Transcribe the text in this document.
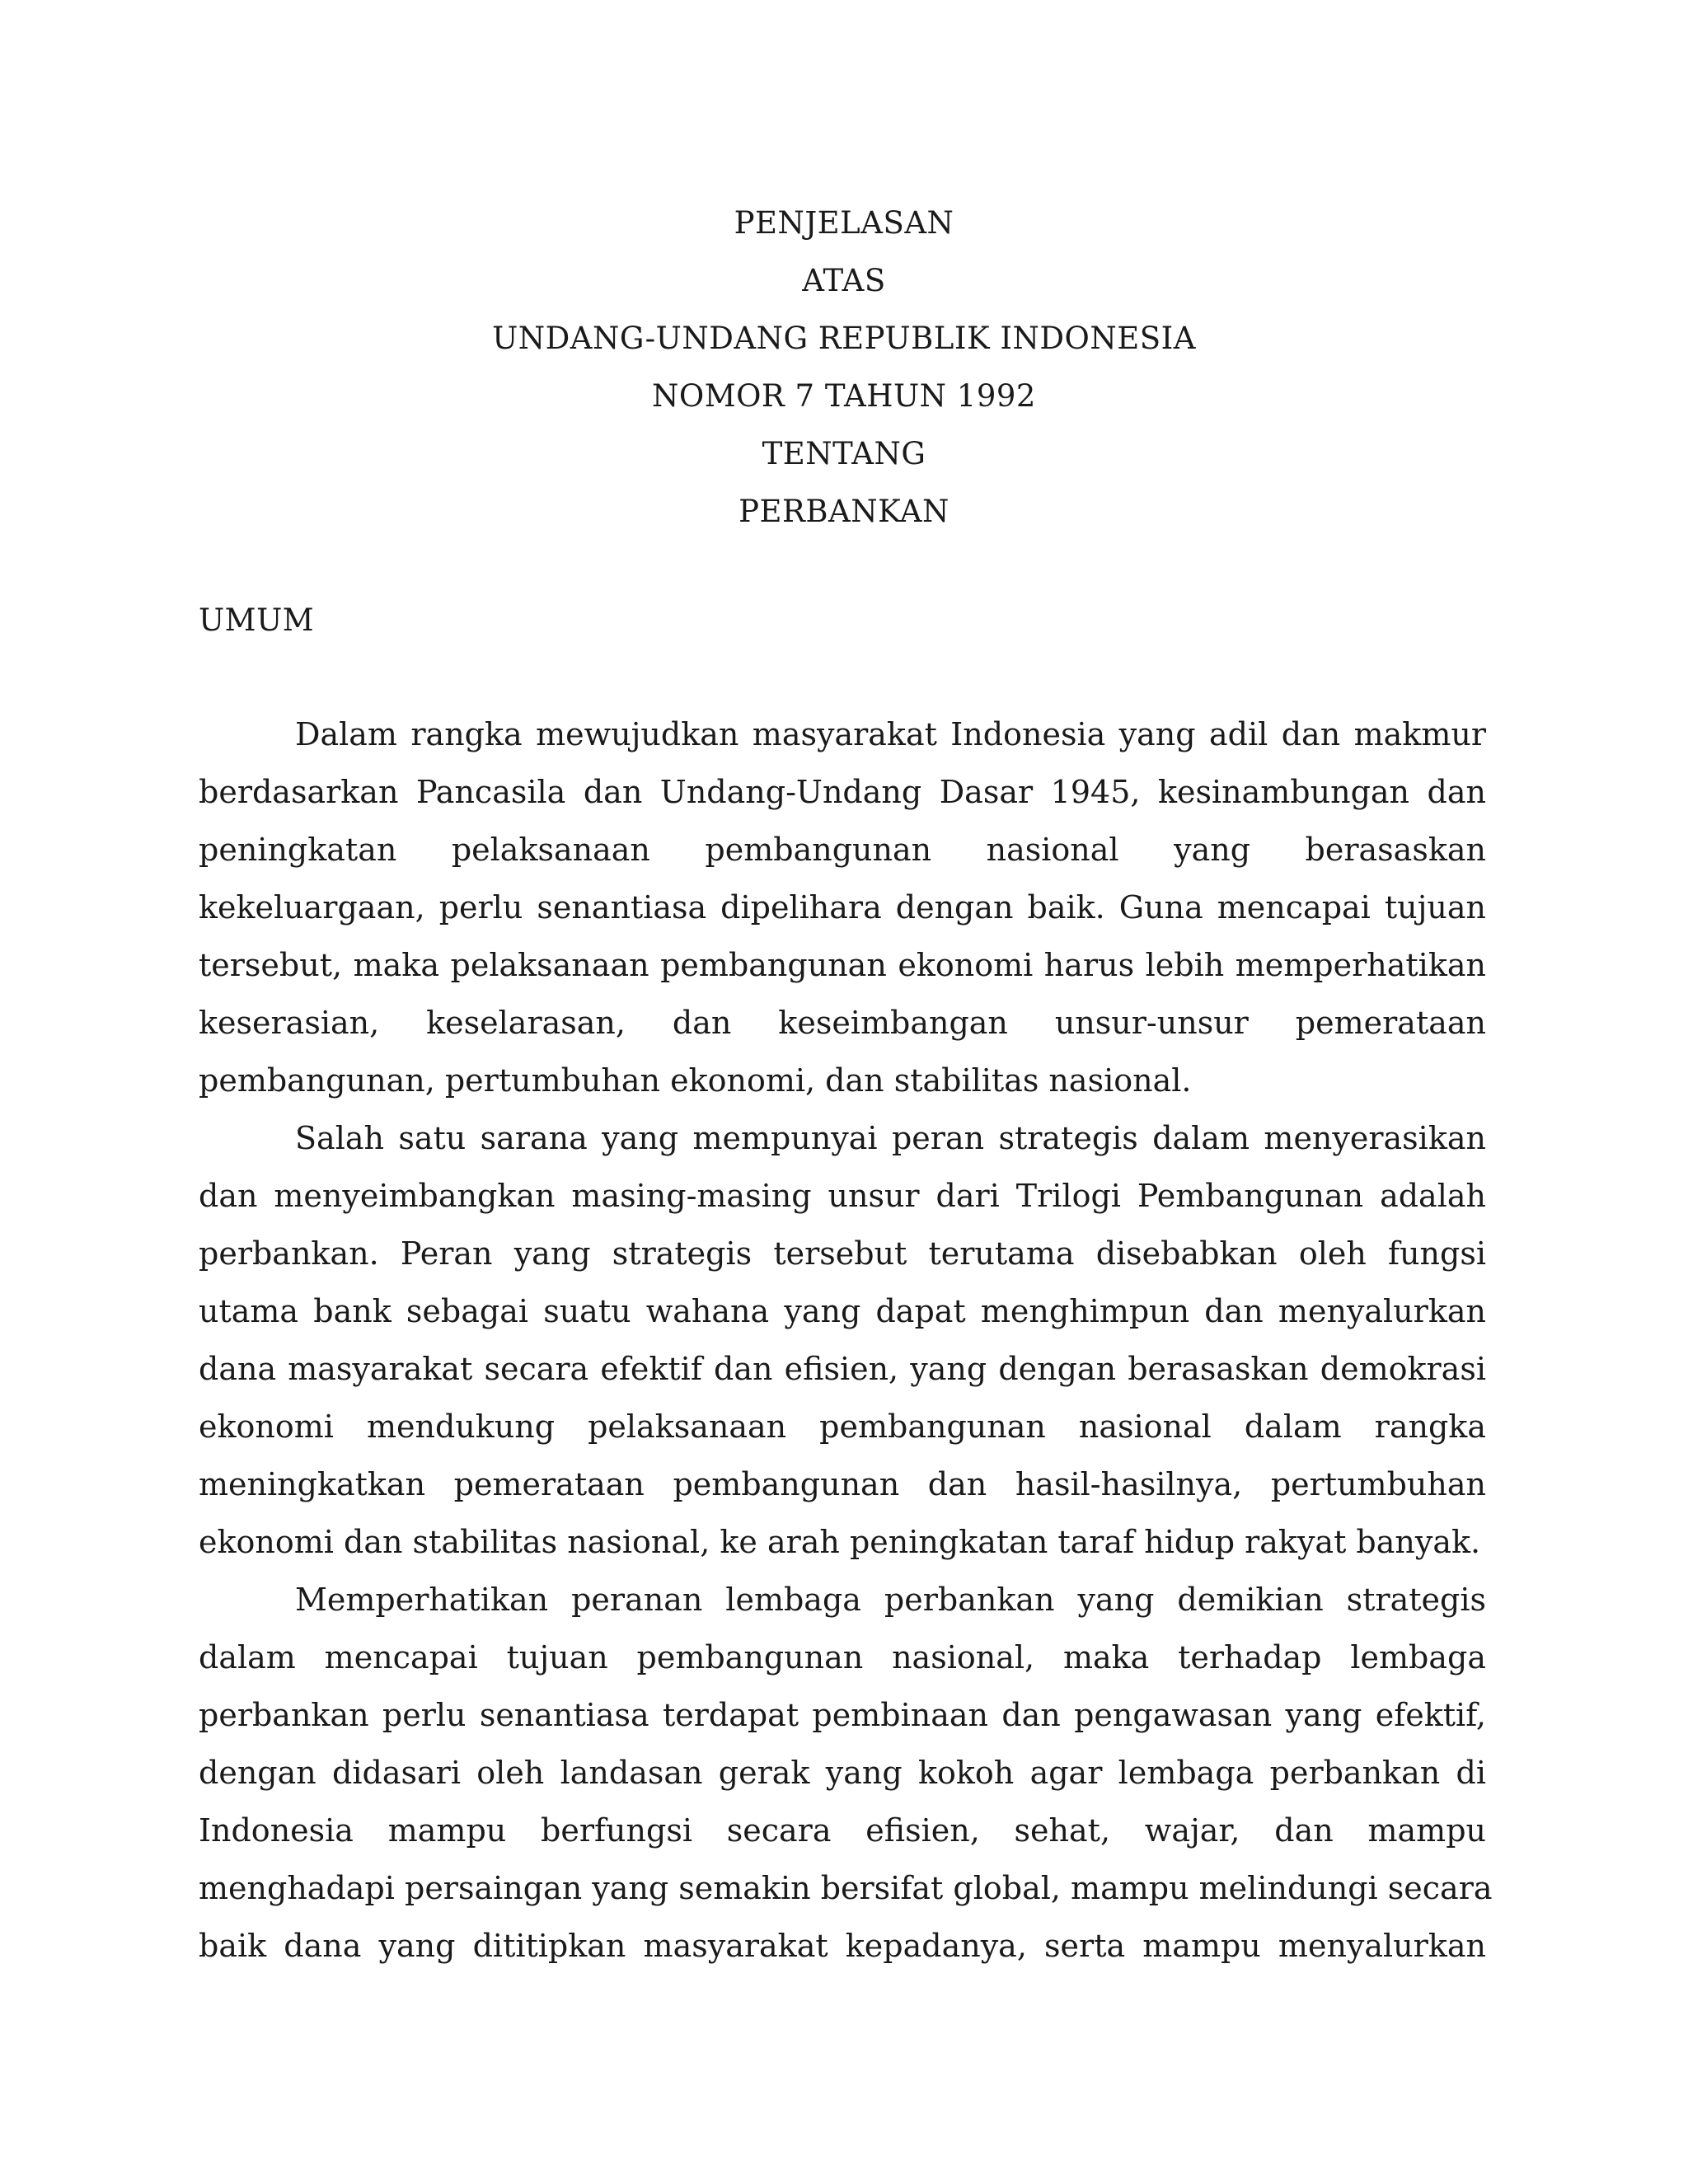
PENJELASAN
ATAS
UNDANG-UNDANG REPUBLIK INDONESIA
NOMOR 7 TAHUN 1992
TENTANG
PERBANKAN
UMUM
Dalam rangka mewujudkan masyarakat Indonesia yang adil dan makmur
berdasarkan Pancasila dan Undang-Undang Dasar 1945, kesinambungan dan
peningkatan pelaksanaan pembangunan nasional yang berasaskan
kekeluargaan, perlu senantiasa dipelihara dengan baik. Guna mencapai tujuan
tersebut, maka pelaksanaan pembangunan ekonomi harus lebih memperhatikan
keserasian, keselarasan, dan keseimbangan unsur-unsur pemerataan
pembangunan, pertumbuhan ekonomi, dan stabilitas nasional.
Salah satu sarana yang mempunyai peran strategis dalam menyerasikan
dan menyeimbangkan masing-masing unsur dari Trilogi Pembangunan adalah
perbankan. Peran yang strategis tersebut terutama disebabkan oleh fungsi
utama bank sebagai suatu wahana yang dapat menghimpun dan menyalurkan
dana masyarakat secara efektif dan efisien, yang dengan berasaskan demokrasi
ekonomi mendukung pelaksanaan pembangunan nasional dalam rangka
meningkatkan pemerataan pembangunan dan hasil-hasilnya, pertumbuhan
ekonomi dan stabilitas nasional, ke arah peningkatan taraf hidup rakyat banyak.
Memperhatikan peranan lembaga perbankan yang demikian strategis
dalam mencapai tujuan pembangunan nasional, maka terhadap lembaga
perbankan perlu senantiasa terdapat pembinaan dan pengawasan yang efektif,
dengan didasari oleh landasan gerak yang kokoh agar lembaga perbankan di
Indonesia mampu berfungsi secara efisien, sehat, wajar, dan mampu
menghadapi persaingan yang semakin bersifat global, mampu melindungi secara
baik dana yang dititipkan masyarakat kepadanya, serta mampu menyalurkan
